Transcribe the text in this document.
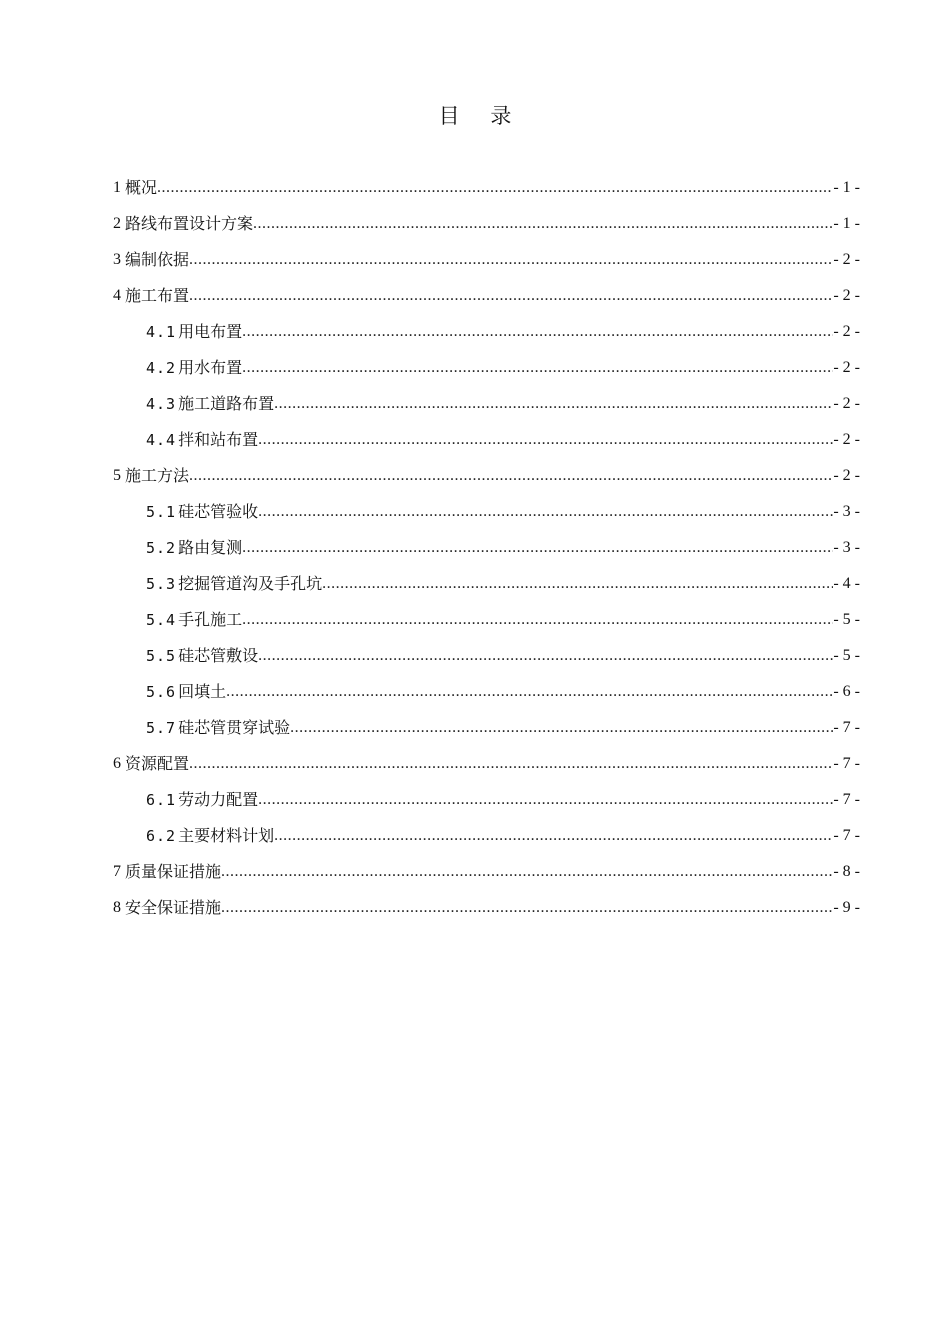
目 录
1 概况 .....	- 1 -
2 路线布置设计方案 .....	- 1 -
3 编制依据 .....	- 2 -
4 施工布置 .....	- 2 -
4.1 用电布置 .....	- 2 -
4.2 用水布置 .....	- 2 -
4.3 施工道路布置 .....	- 2 -
4.4 拌和站布置 .....	- 2 -
5 施工方法 .....	- 2 -
5.1 硅芯管验收 .....	- 3 -
5.2 路由复测 .....	- 3 -
5.3 挖掘管道沟及手孔坑 .....	- 4 -
5.4 手孔施工 .....	- 5 -
5.5 硅芯管敷设 .....	- 5 -
5.6 回填土 .....	- 6 -
5.7 硅芯管贯穿试验 .....	- 7 -
6 资源配置 .....	- 7 -
6.1 劳动力配置 .....	- 7 -
6.2 主要材料计划 .....	- 7 -
7 质量保证措施 .....	- 8 -
8 安全保证措施 .....	- 9 -
